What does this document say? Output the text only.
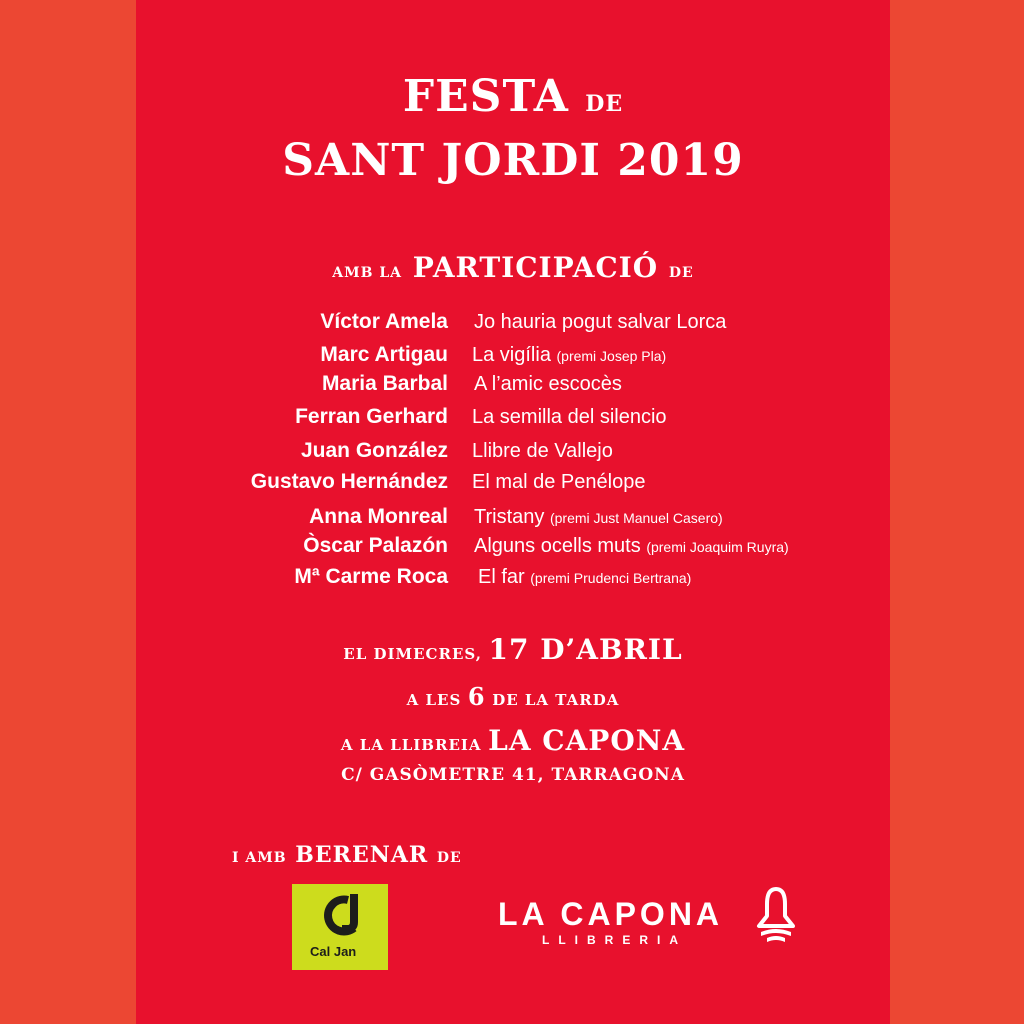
FESTA DE
SANT JORDI 2019
AMB LA PARTICIPACIÓ DE
Víctor Amela Jo hauria pogut salvar Lorca
Marc Artigau La vigília (premi Josep Pla)
Maria Barbal A l’amic escocès
Ferran Gerhard La semilla del silencio
Juan González Llibre de Vallejo
Gustavo Hernández El mal de Penélope
Anna Monreal Tristany (premi Just Manuel Casero)
Òscar Palazón Alguns ocells muts (premi Joaquim Ruyra)
Mª Carme Roca El far (premi Prudenci Bertrana)
EL DIMECRES, 17 D’ABRIL
A LES 6 DE LA TARDA
A LA LLIBREIA LA CAPONA
C/ GASÒMETRE 41, TARRAGONA
I AMB BERENAR DE
Cal Jan
LA CAPONA
LLIBRERIA
